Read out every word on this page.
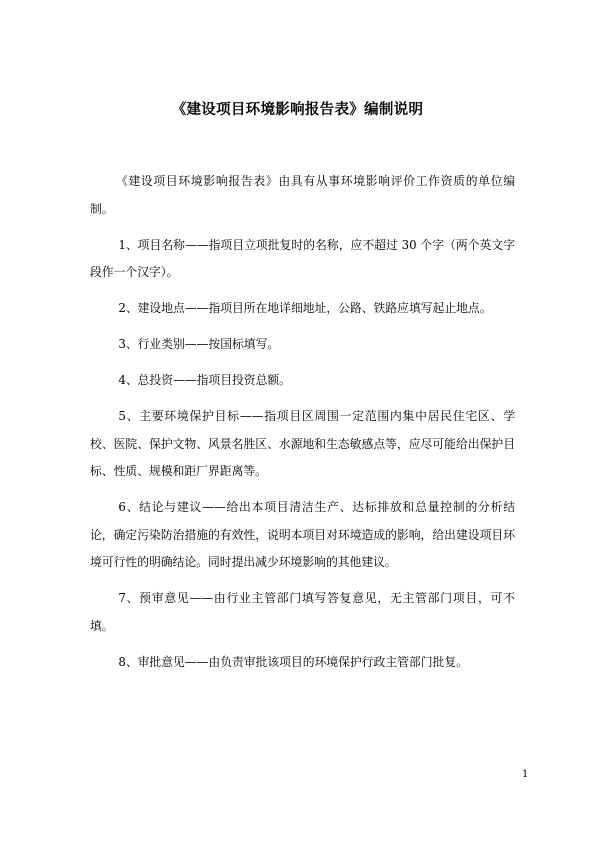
《建设项目环境影响报告表》编制说明

《建设项目环境影响报告表》由具有从事环境影响评价工作资质的单位编制。

1、项目名称——指项目立项批复时的名称，应不超过 30 个字（两个英文字段作一个汉字）。

2、建设地点——指项目所在地详细地址，公路、铁路应填写起止地点。

3、行业类别——按国标填写。

4、总投资——指项目投资总额。

5、主要环境保护目标——指项目区周围一定范围内集中居民住宅区、学校、医院、保护文物、风景名胜区、水源地和生态敏感点等，应尽可能给出保护目标、性质、规模和距厂界距离等。

6、结论与建议——给出本项目清洁生产、达标排放和总量控制的分析结论，确定污染防治措施的有效性，说明本项目对环境造成的影响，给出建设项目环境可行性的明确结论。同时提出减少环境影响的其他建议。

7、预审意见——由行业主管部门填写答复意见，无主管部门项目，可不填。

8、审批意见——由负责审批该项目的环境保护行政主管部门批复。

1
